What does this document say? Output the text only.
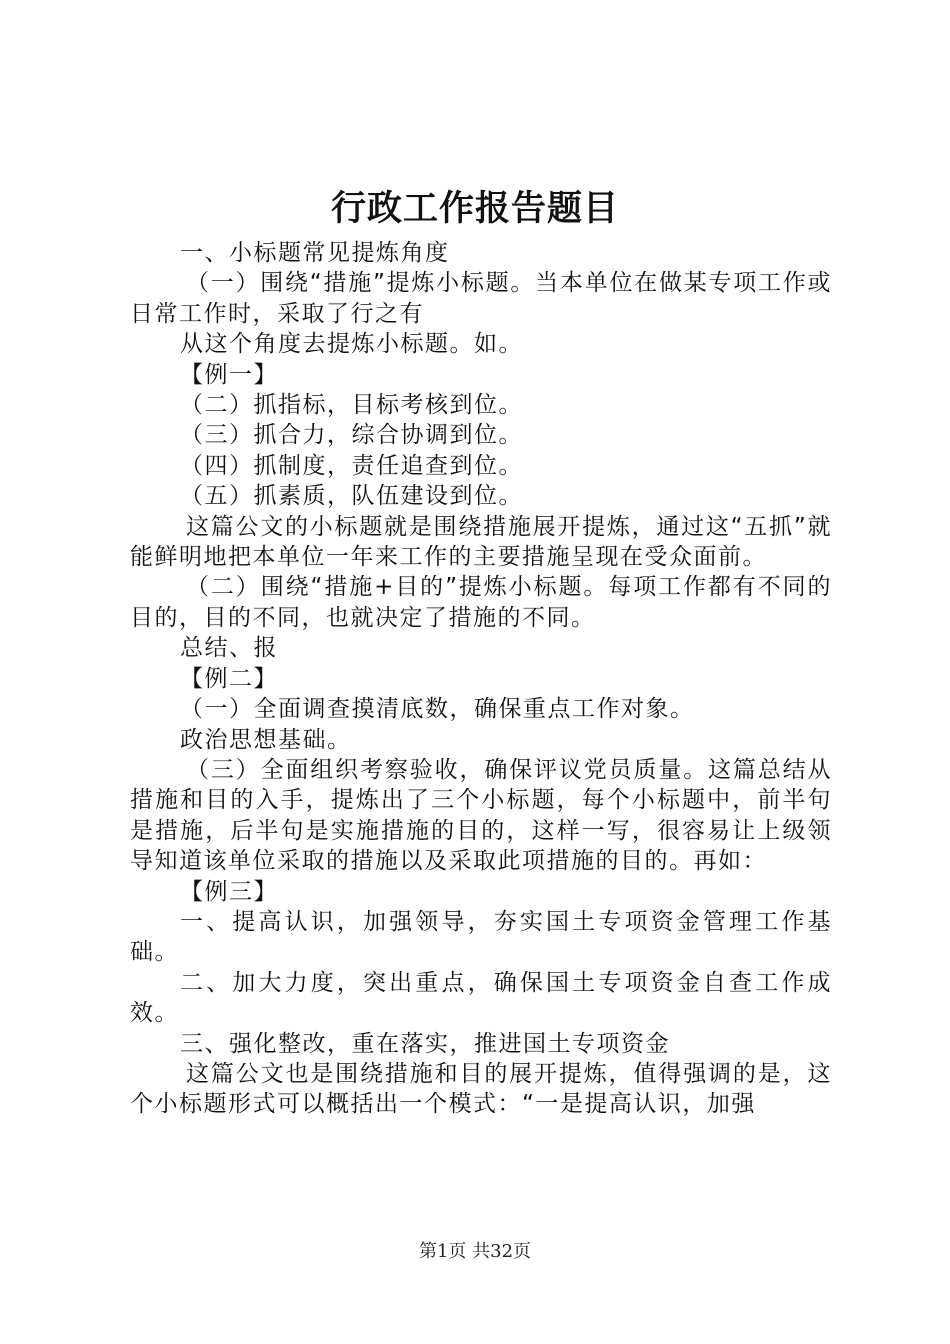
行政工作报告题目

一、小标题常见提炼角度

（一）围绕“措施”提炼小标题。当本单位在做某专项工作或日常工作时，采取了行之有

从这个角度去提炼小标题。如。

【例一】

（二）抓指标，目标考核到位。

（三）抓合力，综合协调到位。

（四）抓制度，责任追查到位。

（五）抓素质，队伍建设到位。

这篇公文的小标题就是围绕措施展开提炼，通过这“五抓”就能鲜明地把本单位一年来工作的主要措施呈现在受众面前。

（二）围绕“措施+目的”提炼小标题。每项工作都有不同的目的，目的不同，也就决定了措施的不同。

总结、报

【例二】

（一）全面调查摸清底数，确保重点工作对象。

政治思想基础。

（三）全面组织考察验收，确保评议党员质量。这篇总结从措施和目的入手，提炼出了三个小标题，每个小标题中，前半句是措施，后半句是实施措施的目的，这样一写，很容易让上级领导知道该单位采取的措施以及采取此项措施的目的。再如：

【例三】

一、提高认识，加强领导，夯实国土专项资金管理工作基础。

二、加大力度，突出重点，确保国土专项资金自查工作成效。

三、强化整改，重在落实，推进国土专项资金

这篇公文也是围绕措施和目的展开提炼，值得强调的是，这个小标题形式可以概括出一个模式：“一是提高认识，加强

第1页 共32页
